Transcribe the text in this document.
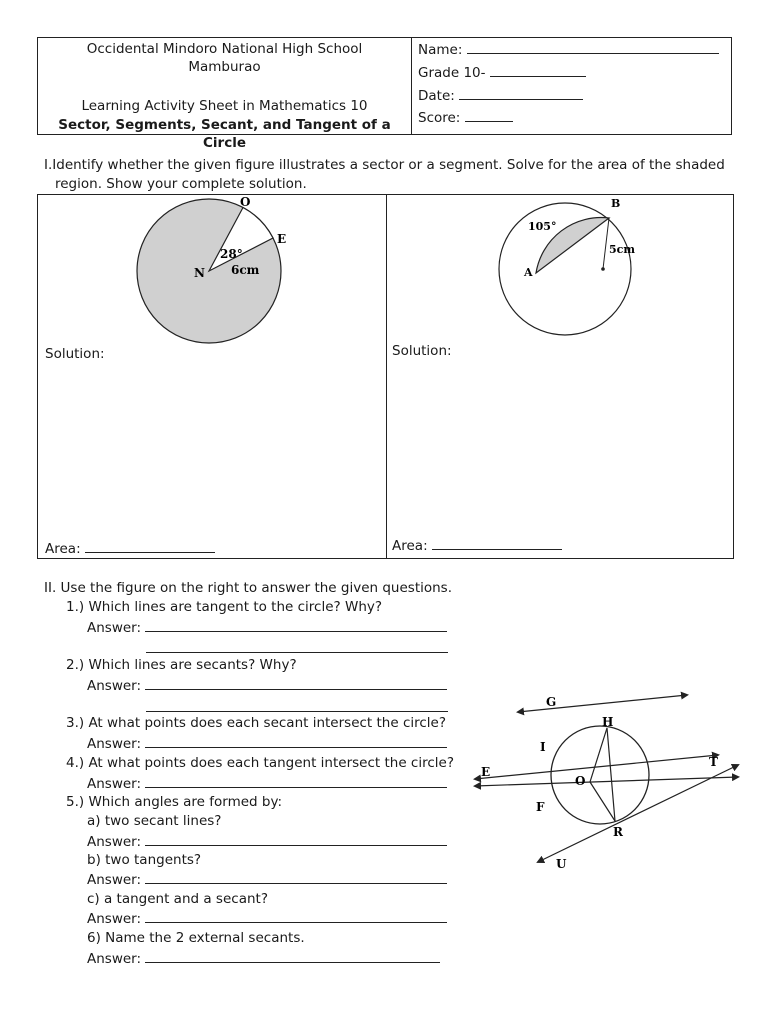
Occidental Mindoro National High School
Mamburao
Learning Activity Sheet in Mathematics 10
Sector, Segments, Secant, and Tangent of a Circle
Name:
Grade 10-
Date:
Score:
I.Identify whether the given figure illustrates a sector or a segment. Solve for the area of the shaded
region. Show your complete solution.
N
O
E
28°
6cm
105°
B
A
5cm
Solution:	Solution:
Area:	Area:
II. Use the figure on the right to answer the given questions.
1.) Which lines are tangent to the circle? Why?
Answer:
2.) Which lines are secants? Why?
Answer:
3.) At what points does each secant intersect the circle?
Answer:
4.) At what points does each tangent intersect the circle?
Answer:
5.) Which angles are formed by:
a) two secant lines?
Answer:
b) two tangents?
Answer:
c) a tangent and a secant?
Answer:
6) Name the 2 external secants.
Answer:
G
H
I
E
O
T
F
R
U
